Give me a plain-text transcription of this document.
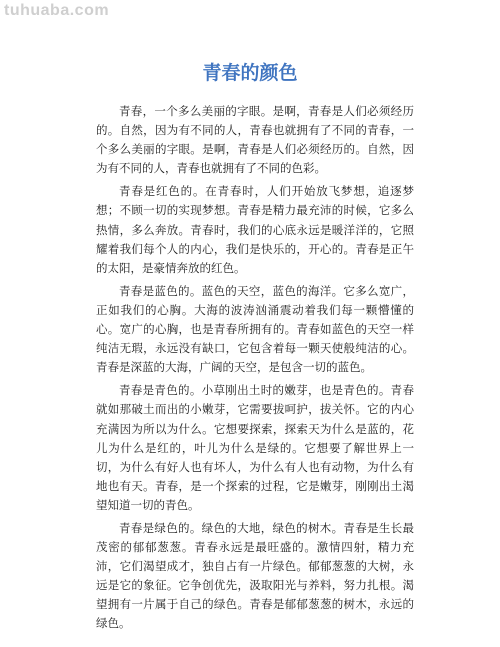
tuhuaba.com
青春的颜色

青春，一个多么美丽的字眼。是啊，青春是人们必须经历的。自然，因为有不同的人，青春也就拥有了不同的青春，一个多么美丽的字眼。是啊，青春是人们必须经历的。自然，因为有不同的人，青春也就拥有了不同的色彩。

青春是红色的。在青春时，人们开始放飞梦想，追逐梦想；不顾一切的实现梦想。青春是精力最充沛的时候，它多么热情，多么奔放。青春时，我们的心底永远是暖洋洋的，它照耀着我们每个人的内心，我们是快乐的，开心的。青春是正午的太阳，是豪情奔放的红色。

青春是蓝色的。蓝色的天空，蓝色的海洋。它多么宽广，正如我们的心胸。大海的波涛汹涌震动着我们每一颗懵懂的心。宽广的心胸，也是青春所拥有的。青春如蓝色的天空一样纯洁无瑕，永远没有缺口，它包含着每一颗天使般纯洁的心。青春是深蓝的大海，广阔的天空，是包含一切的蓝色。

青春是青色的。小草刚出土时的嫩芽，也是青色的。青春就如那破土而出的小嫩芽，它需要拔呵护，拔关怀。它的内心充满因为所以为什么。它想要探索，探索天为什么是蓝的，花儿为什么是红的，叶儿为什么是绿的。它想要了解世界上一切，为什么有好人也有坏人，为什么有人也有动物，为什么有地也有天。青春，是一个探索的过程，它是嫩芽，刚刚出土渴望知道一切的青色。

青春是绿色的。绿色的大地，绿色的树木。青春是生长最茂密的郁郁葱葱。青春永远是最旺盛的。激情四射，精力充沛，它们渴望成才，独自占有一片绿色。郁郁葱葱的大树，永远是它的象征。它争创优先，汲取阳光与养料，努力扎根。渴望拥有一片属于自己的绿色。青春是郁郁葱葱的树木，永远的绿色。
